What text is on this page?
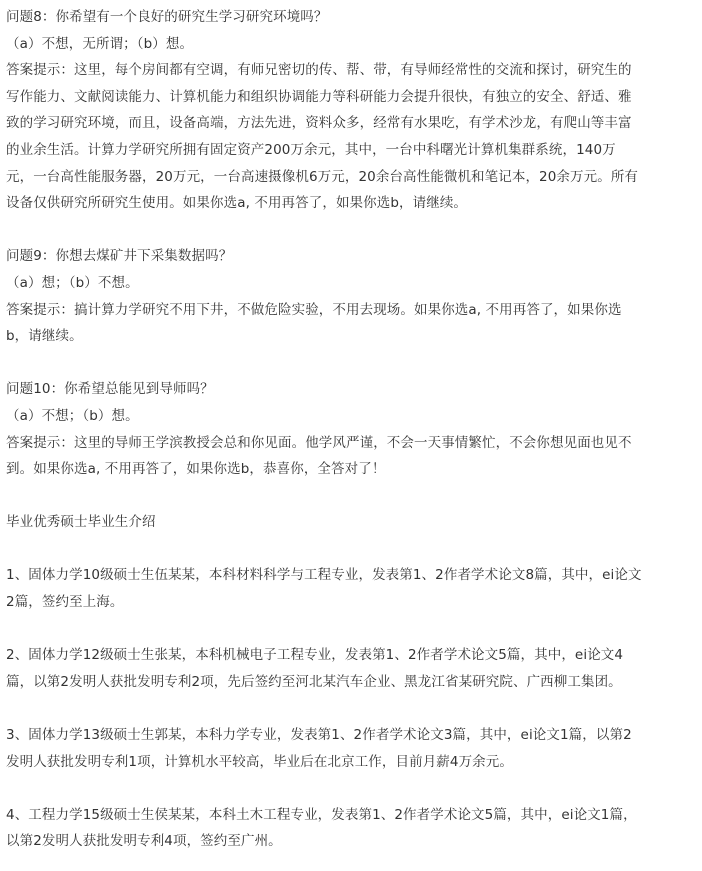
问题8：你希望有一个良好的研究生学习研究环境吗？
（a）不想，无所谓；（b）想。
答案提示：这里，每个房间都有空调，有师兄密切的传、帮、带，有导师经常性的交流和探讨，研究生的
写作能力、文献阅读能力、计算机能力和组织协调能力等科研能力会提升很快，有独立的安全、舒适、雅
致的学习研究环境，而且，设备高端，方法先进，资料众多，经常有水果吃，有学术沙龙，有爬山等丰富
的业余生活。计算力学研究所拥有固定资产200万余元，其中，一台中科曙光计算机集群系统，140万
元，一台高性能服务器，20万元，一台高速摄像机6万元，20余台高性能微机和笔记本，20余万元。所有
设备仅供研究所研究生使用。如果你选a, 不用再答了，如果你选b，请继续。
问题9：你想去煤矿井下采集数据吗？
（a）想；（b）不想。
答案提示：搞计算力学研究不用下井，不做危险实验，不用去现场。如果你选a, 不用再答了，如果你选
b，请继续。
问题10：你希望总能见到导师吗？
（a）不想；（b）想。
答案提示：这里的导师王学滨教授会总和你见面。他学风严谨，不会一天事情繁忙，不会你想见面也见不
到。如果你选a, 不用再答了，如果你选b，恭喜你，全答对了！
毕业优秀硕士毕业生介绍
1、固体力学10级硕士生伍某某，本科材料科学与工程专业，发表第1、2作者学术论文8篇，其中，ei论文
2篇，签约至上海。
2、固体力学12级硕士生张某，本科机械电子工程专业，发表第1、2作者学术论文5篇，其中，ei论文4
篇，以第2发明人获批发明专利2项，先后签约至河北某汽车企业、黑龙江省某研究院、广西柳工集团。
3、固体力学13级硕士生郭某，本科力学专业，发表第1、2作者学术论文3篇，其中，ei论文1篇，以第2
发明人获批发明专利1项，计算机水平较高，毕业后在北京工作，目前月薪4万余元。
4、工程力学15级硕士生侯某某，本科土木工程专业，发表第1、2作者学术论文5篇，其中，ei论文1篇，
以第2发明人获批发明专利4项，签约至广州。
